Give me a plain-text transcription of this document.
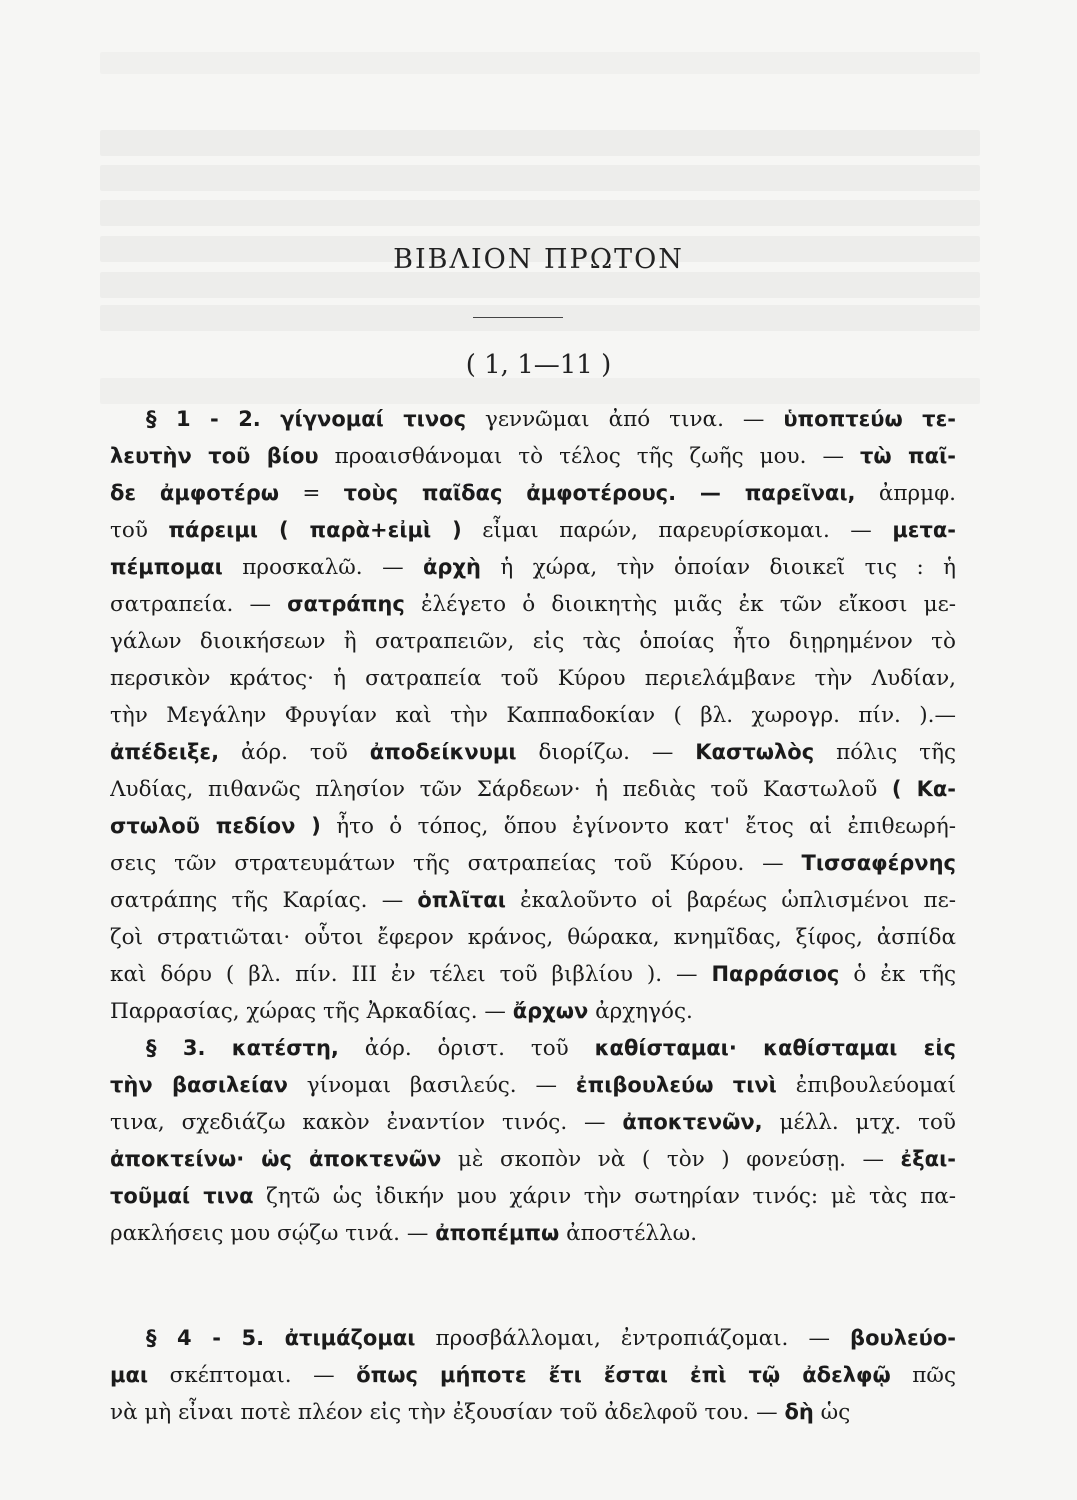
ΒΙΒΛΙΟΝ ΠΡΩΤΟΝ
( 1, 1—11 )
§ 1 - 2. γίγνομαί τινος γεννῶμαι ἀπό τινα. — ὑποπτεύω τε-
λευτὴν τοῦ βίου προαισθάνομαι τὸ τέλος τῆς ζωῆς μου. — τὼ παῖ-
δε ἀμφοτέρω = τοὺς παῖδας ἀμφοτέρους. — παρεῖναι, ἀπρμφ.
τοῦ πάρειμι ( παρὰ+εἰμὶ ) εἶμαι παρών, παρευρίσκομαι. — μετα-
πέμπομαι προσκαλῶ. — ἀρχὴ ἡ χώρα, τὴν ὁποίαν διοικεῖ τις : ἡ
σατραπεία. — σατράπης ἐλέγετο ὁ διοικητὴς μιᾶς ἐκ τῶν εἴκοσι με-
γάλων διοικήσεων ἢ σατραπειῶν, εἰς τὰς ὁποίας ἦτο διῃρημένον τὸ
περσικὸν κράτος· ἡ σατραπεία τοῦ Κύρου περιελάμβανε τὴν Λυδίαν,
τὴν Μεγάλην Φρυγίαν καὶ τὴν Καππαδοκίαν ( βλ. χωρογρ. πίν. ).—
ἀπέδειξε, ἀόρ. τοῦ ἀποδείκνυμι διορίζω. — Καστωλὸς πόλις τῆς
Λυδίας, πιθανῶς πλησίον τῶν Σάρδεων· ἡ πεδιὰς τοῦ Καστωλοῦ ( Κα-
στωλοῦ πεδίον ) ἦτο ὁ τόπος, ὅπου ἐγίνοντο κατ' ἔτος αἱ ἐπιθεωρή-
σεις τῶν στρατευμάτων τῆς σατραπείας τοῦ Κύρου. — Τισσαφέρνης
σατράπης τῆς Καρίας. — ὁπλῖται ἐκαλοῦντο οἱ βαρέως ὡπλισμένοι πε-
ζοὶ στρατιῶται· οὗτοι ἔφερον κράνος, θώρακα, κνημῖδας, ξίφος, ἀσπίδα
καὶ δόρυ ( βλ. πίν. ΙΙΙ ἐν τέλει τοῦ βιβλίου ). — Παρράσιος ὁ ἐκ τῆς
Παρρασίας, χώρας τῆς Ἀρκαδίας. — ἄρχων ἀρχηγός.
§ 3. κατέστη, ἀόρ. ὁριστ. τοῦ καθίσταμαι· καθίσταμαι εἰς
τὴν βασιλείαν γίνομαι βασιλεύς. — ἐπιβουλεύω τινὶ ἐπιβουλεύομαί
τινα, σχεδιάζω κακὸν ἐναντίον τινός. — ἀποκτενῶν, μέλλ. μτχ. τοῦ
ἀποκτείνω· ὡς ἀποκτενῶν μὲ σκοπὸν νὰ ( τὸν ) φονεύσῃ. — ἐξαι-
τοῦμαί τινα ζητῶ ὡς ἰδικήν μου χάριν τὴν σωτηρίαν τινός: μὲ τὰς πα-
ρακλήσεις μου σῴζω τινά. — ἀποπέμπω ἀποστέλλω.
§ 4 - 5. ἀτιμάζομαι προσβάλλομαι, ἐντροπιάζομαι. — βουλεύο-
μαι σκέπτομαι. — ὅπως μήποτε ἔτι ἔσται ἐπὶ τῷ ἀδελφῷ πῶς
νὰ μὴ εἶναι ποτὲ πλέον εἰς τὴν ἐξουσίαν τοῦ ἀδελφοῦ του. — δὴ ὡς
